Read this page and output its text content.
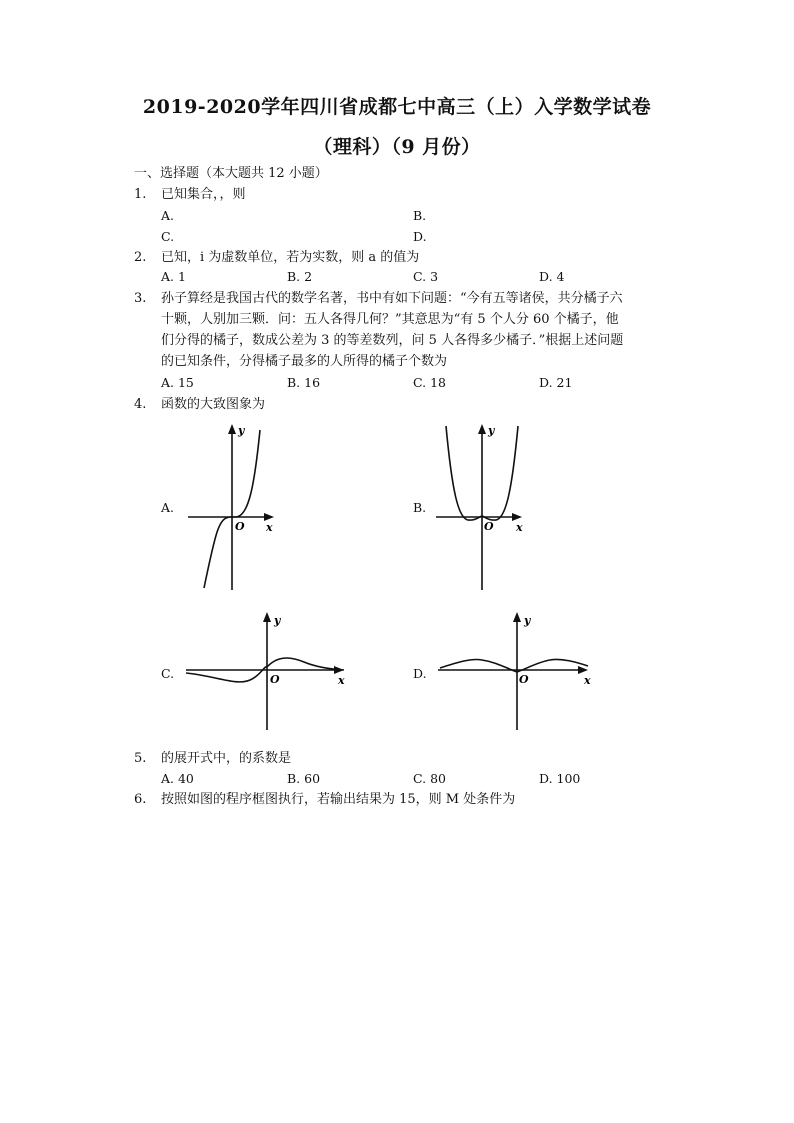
2019-2020学年四川省成都七中高三（上）入学数学试卷
（理科）（9 月份）
一、选择题（本大题共 12 小题）
1. 已知集合，，则
A.	B.
C.	D.
2. 已知，i 为虚数单位，若为实数，则 a 的值为
A. 1	B. 2	C. 3	D. 4
3. 孙子算经是我国古代的数学名著，书中有如下问题：“今有五等诸侯，共分橘子六
十颗，人别加三颗．问：五人各得几何？”其意思为“有 5 个人分 60 个橘子，他
们分得的橘子，数成公差为 3 的等差数列，问 5 人各得多少橘子．”根据上述问题
的已知条件，分得橘子最多的人所得的橘子个数为
A. 15	B. 16	C. 18	D. 21
4. 函数的大致图象为
A.	B.
C.	D.
y
x
O
y
x
O
y
x
O
y
x
O
5. 的展开式中，的系数是
A. 40	B. 60	C. 80	D. 100
6. 按照如图的程序框图执行，若输出结果为 15，则 M 处条件为
